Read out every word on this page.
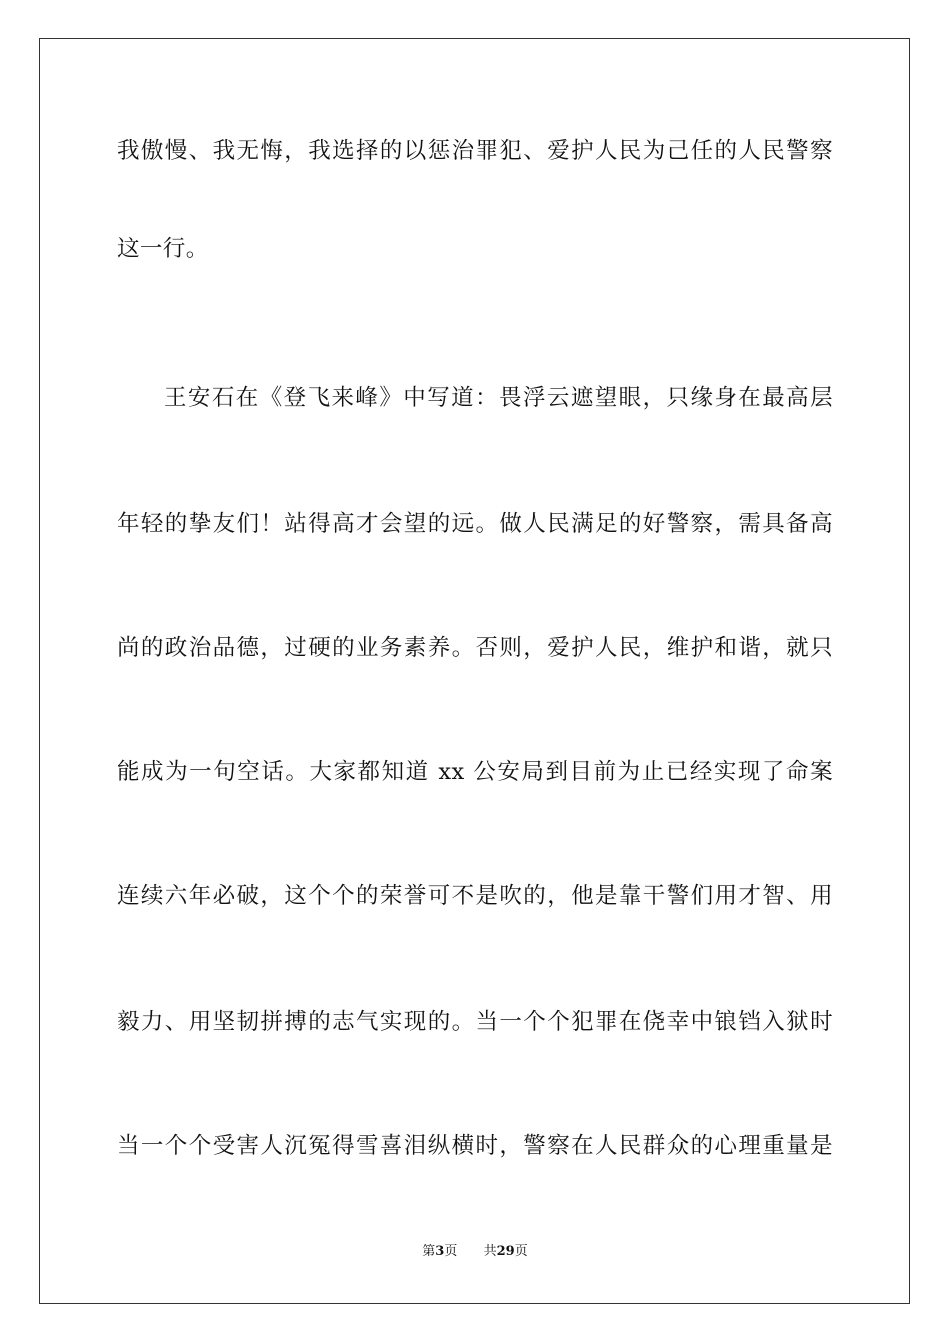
我傲慢、我无悔，我选择的以惩治罪犯、爱护人民为己任的人民警察
这一行。
王安石在《登飞来峰》中写道：畏浮云遮望眼，只缘身在最高层
年轻的挚友们！站得高才会望的远。做人民满足的好警察，需具备高
尚的政治品德，过硬的业务素养。否则，爱护人民，维护和谐，就只
能成为一句空话。大家都知道 xx 公安局到目前为止已经实现了命案
连续六年必破，这个个的荣誉可不是吹的，他是靠干警们用才智、用
毅力、用坚韧拼搏的志气实现的。当一个个犯罪在侥幸中锒铛入狱时
当一个个受害人沉冤得雪喜泪纵横时，警察在人民群众的心理重量是
第3页 共29页
